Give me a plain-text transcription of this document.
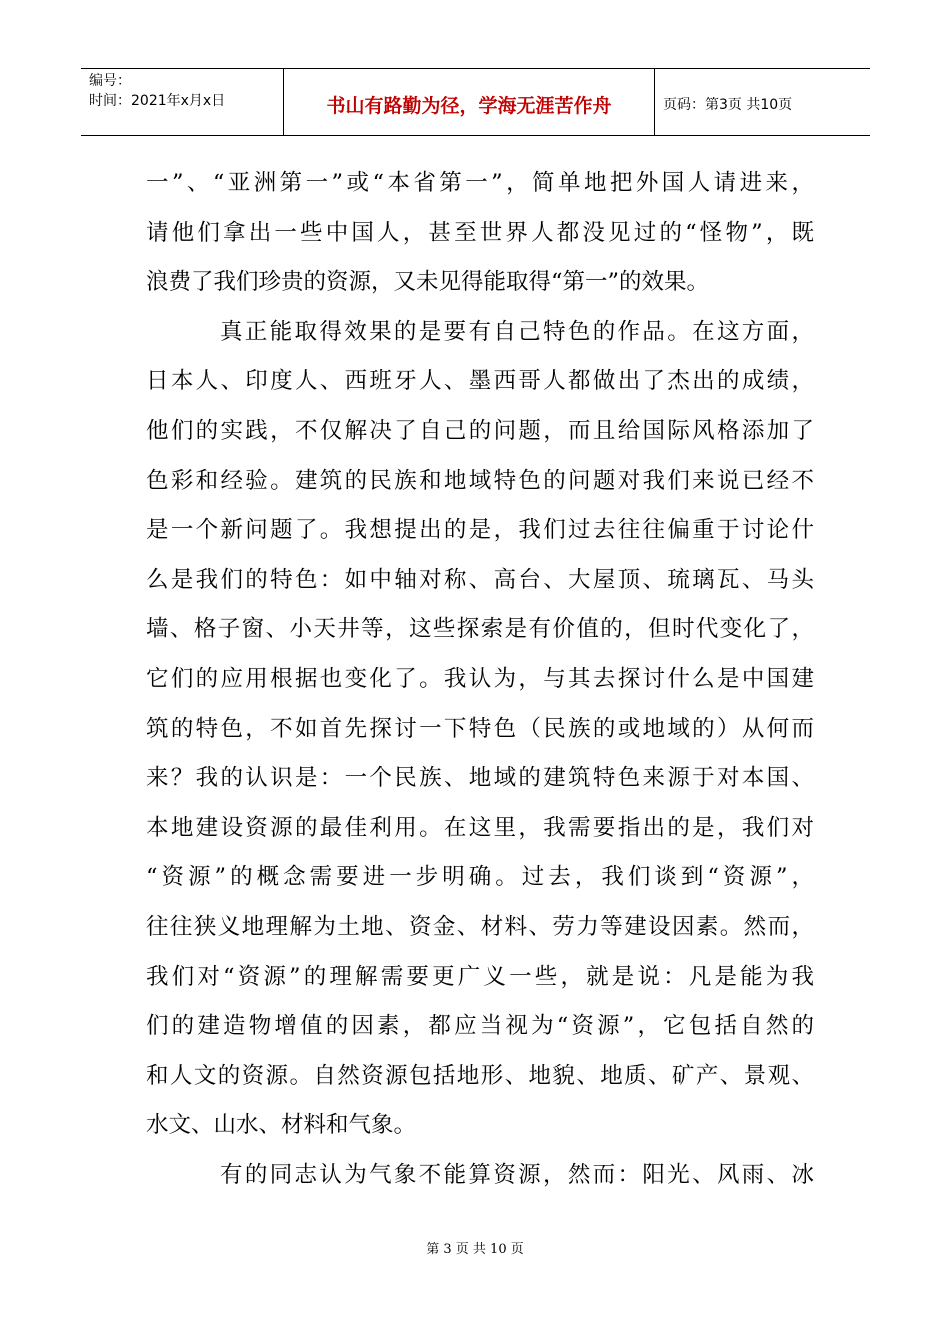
编号：
时间：2021年x月x日	书山有路勤为径，学海无涯苦作舟	页码：第3页 共10页
一”、“亚洲第一”或“本省第一”，简单地把外国人请进来，
请他们拿出一些中国人，甚至世界人都没见过的“怪物”，既
浪费了我们珍贵的资源，又未见得能取得“第一”的效果。
真正能取得效果的是要有自己特色的作品。在这方面，
日本人、印度人、西班牙人、墨西哥人都做出了杰出的成绩，
他们的实践，不仅解决了自己的问题，而且给国际风格添加了
色彩和经验。建筑的民族和地域特色的问题对我们来说已经不
是一个新问题了。我想提出的是，我们过去往往偏重于讨论什
么是我们的特色：如中轴对称、高台、大屋顶、琉璃瓦、马头
墙、格子窗、小天井等，这些探索是有价值的，但时代变化了，
它们的应用根据也变化了。我认为，与其去探讨什么是中国建
筑的特色，不如首先探讨一下特色（民族的或地域的）从何而
来？我的认识是：一个民族、地域的建筑特色来源于对本国、
本地建设资源的最佳利用。在这里，我需要指出的是，我们对
“资源”的概念需要进一步明确。过去，我们谈到“资源”，
往往狭义地理解为土地、资金、材料、劳力等建设因素。然而，
我们对“资源”的理解需要更广义一些，就是说：凡是能为我
们的建造物增值的因素，都应当视为“资源”，它包括自然的
和人文的资源。自然资源包括地形、地貌、地质、矿产、景观、
水文、山水、材料和气象。
有的同志认为气象不能算资源，然而：阳光、风雨、冰
第 3 页 共 10 页
